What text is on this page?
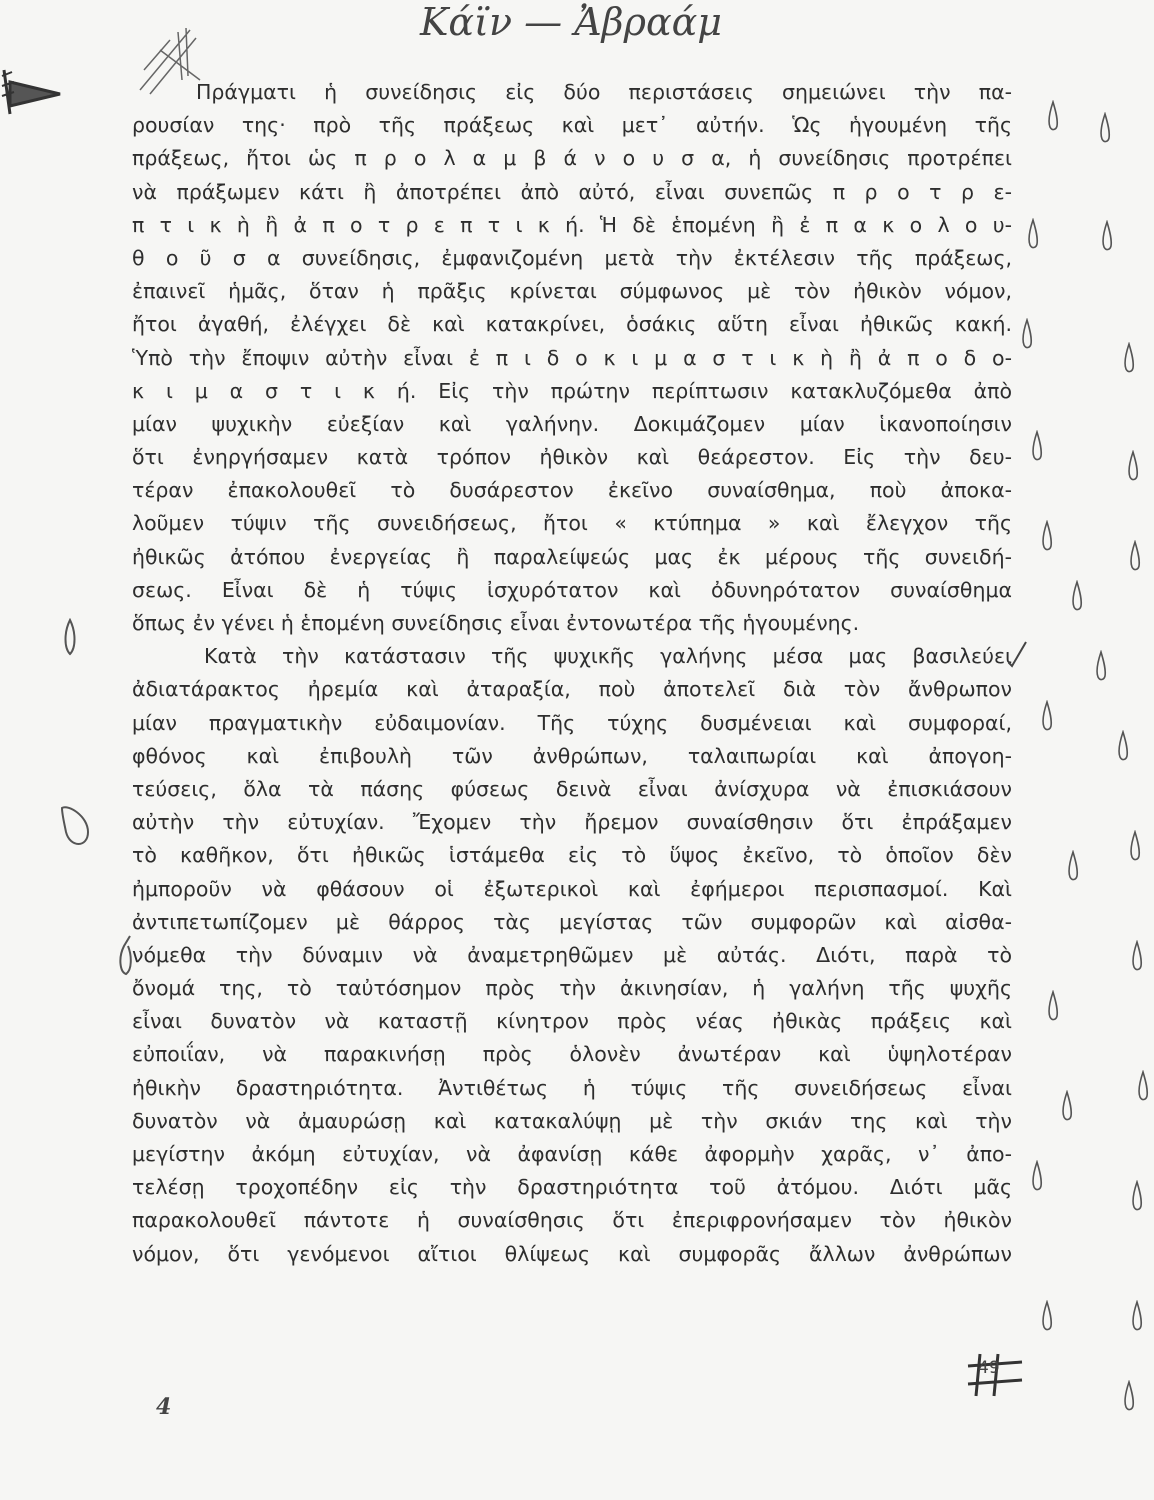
Κάϊν — Ἀβραάμ
Πράγματι ἡ συνείδησις εἰς δύο περιστάσεις σημειώνει τὴν πα-
ρουσίαν της· πρὸ τῆς πράξεως καὶ μετ᾽ αὐτήν. Ὡς ἡγουμένη τῆς
πράξεως, ἤτοι ὡς π ρ ο λ α μ β ά ν ο υ σ α, ἡ συνείδησις προτρέπει
νὰ πράξωμεν κάτι ἢ ἀποτρέπει ἀπὸ αὐτό, εἶναι συνεπῶς π ρ ο τ ρ ε-
π τ ι κ ὴ ἢ ἀ π ο τ ρ ε π τ ι κ ή. Ἡ δὲ ἑπομένη ἢ ἐ π α κ ο λ ο υ-
θ ο ῦ σ α συνείδησις, ἐμφανιζομένη μετὰ τὴν ἐκτέλεσιν τῆς πράξεως,
ἐπαινεῖ ἡμᾶς, ὅταν ἡ πρᾶξις κρίνεται σύμφωνος μὲ τὸν ἠθικὸν νόμον,
ἤτοι ἀγαθή, ἐλέγχει δὲ καὶ κατακρίνει, ὁσάκις αὕτη εἶναι ἠθικῶς κακή.
Ὑπὸ τὴν ἔποψιν αὐτὴν εἶναι ἐ π ι δ ο κ ι μ α σ τ ι κ ὴ ἢ ἀ π ο δ ο-
κ ι μ α σ τ ι κ ή. Εἰς τὴν πρώτην περίπτωσιν κατακλυζόμεθα ἀπὸ
μίαν ψυχικὴν εὐεξίαν καὶ γαλήνην. Δοκιμάζομεν μίαν ἱκανοποίησιν
ὅτι ἐνηργήσαμεν κατὰ τρόπον ἠθικὸν καὶ θεάρεστον. Εἰς τὴν δευ-
τέραν ἐπακολουθεῖ τὸ δυσάρεστον ἐκεῖνο συναίσθημα, ποὺ ἀποκα-
λοῦμεν τύψιν τῆς συνειδήσεως, ἤτοι « κτύπημα » καὶ ἔλεγχον τῆς
ἠθικῶς ἀτόπου ἐνεργείας ἢ παραλείψεώς μας ἐκ μέρους τῆς συνειδή-
σεως. Εἶναι δὲ ἡ τύψις ἰσχυρότατον καὶ ὀδυνηρότατον συναίσθημα
ὅπως ἐν γένει ἡ ἑπομένη συνείδησις εἶναι ἐντονωτέρα τῆς ἡγουμένης.
Κατὰ τὴν κατάστασιν τῆς ψυχικῆς γαλήνης μέσα μας βασιλεύει
ἀδιατάρακτος ἠρεμία καὶ ἀταραξία, ποὺ ἀποτελεῖ διὰ τὸν ἄνθρωπον
μίαν πραγματικὴν εὐδαιμονίαν. Τῆς τύχης δυσμένειαι καὶ συμφοραί,
φθόνος καὶ ἐπιβουλὴ τῶν ἀνθρώπων, ταλαιπωρίαι καὶ ἀπογοη-
τεύσεις, ὅλα τὰ πάσης φύσεως δεινὰ εἶναι ἀνίσχυρα νὰ ἐπισκιάσουν
αὐτὴν τὴν εὐτυχίαν. Ἔχομεν τὴν ἤρεμον συναίσθησιν ὅτι ἐπράξαμεν
τὸ καθῆκον, ὅτι ἠθικῶς ἱστάμεθα εἰς τὸ ὕψος ἐκεῖνο, τὸ ὁποῖον δὲν
ἠμποροῦν νὰ φθάσουν οἱ ἐξωτερικοὶ καὶ ἐφήμεροι περισπασμοί. Καὶ
ἀντιπετωπίζομεν μὲ θάρρος τὰς μεγίστας τῶν συμφορῶν καὶ αἰσθα-
νόμεθα τὴν δύναμιν νὰ ἀναμετρηθῶμεν μὲ αὐτάς. Διότι, παρὰ τὸ
ὄνομά της, τὸ ταὐτόσημον πρὸς τὴν ἀκινησίαν, ἡ γαλήνη τῆς ψυχῆς
εἶναι δυνατὸν νὰ καταστῇ κίνητρον πρὸς νέας ἠθικὰς πράξεις καὶ
εὐποιΐαν, νὰ παρακινήσῃ πρὸς ὁλονὲν ἀνωτέραν καὶ ὑψηλοτέραν
ἠθικὴν δραστηριότητα. Ἀντιθέτως ἡ τύψις τῆς συνειδήσεως εἶναι
δυνατὸν νὰ ἀμαυρώσῃ καὶ κατακαλύψῃ μὲ τὴν σκιάν της καὶ τὴν
μεγίστην ἀκόμη εὐτυχίαν, νὰ ἀφανίσῃ κάθε ἀφορμὴν χαρᾶς, ν᾽ ἀπο-
τελέσῃ τροχοπέδην εἰς τὴν δραστηριότητα τοῦ ἀτόμου. Διότι μᾶς
παρακολουθεῖ πάντοτε ἡ συναίσθησις ὅτι ἐπεριφρονήσαμεν τὸν ἠθικὸν
νόμον, ὅτι γενόμενοι αἴτιοι θλίψεως καὶ συμφορᾶς ἄλλων ἀνθρώπων
4
49
